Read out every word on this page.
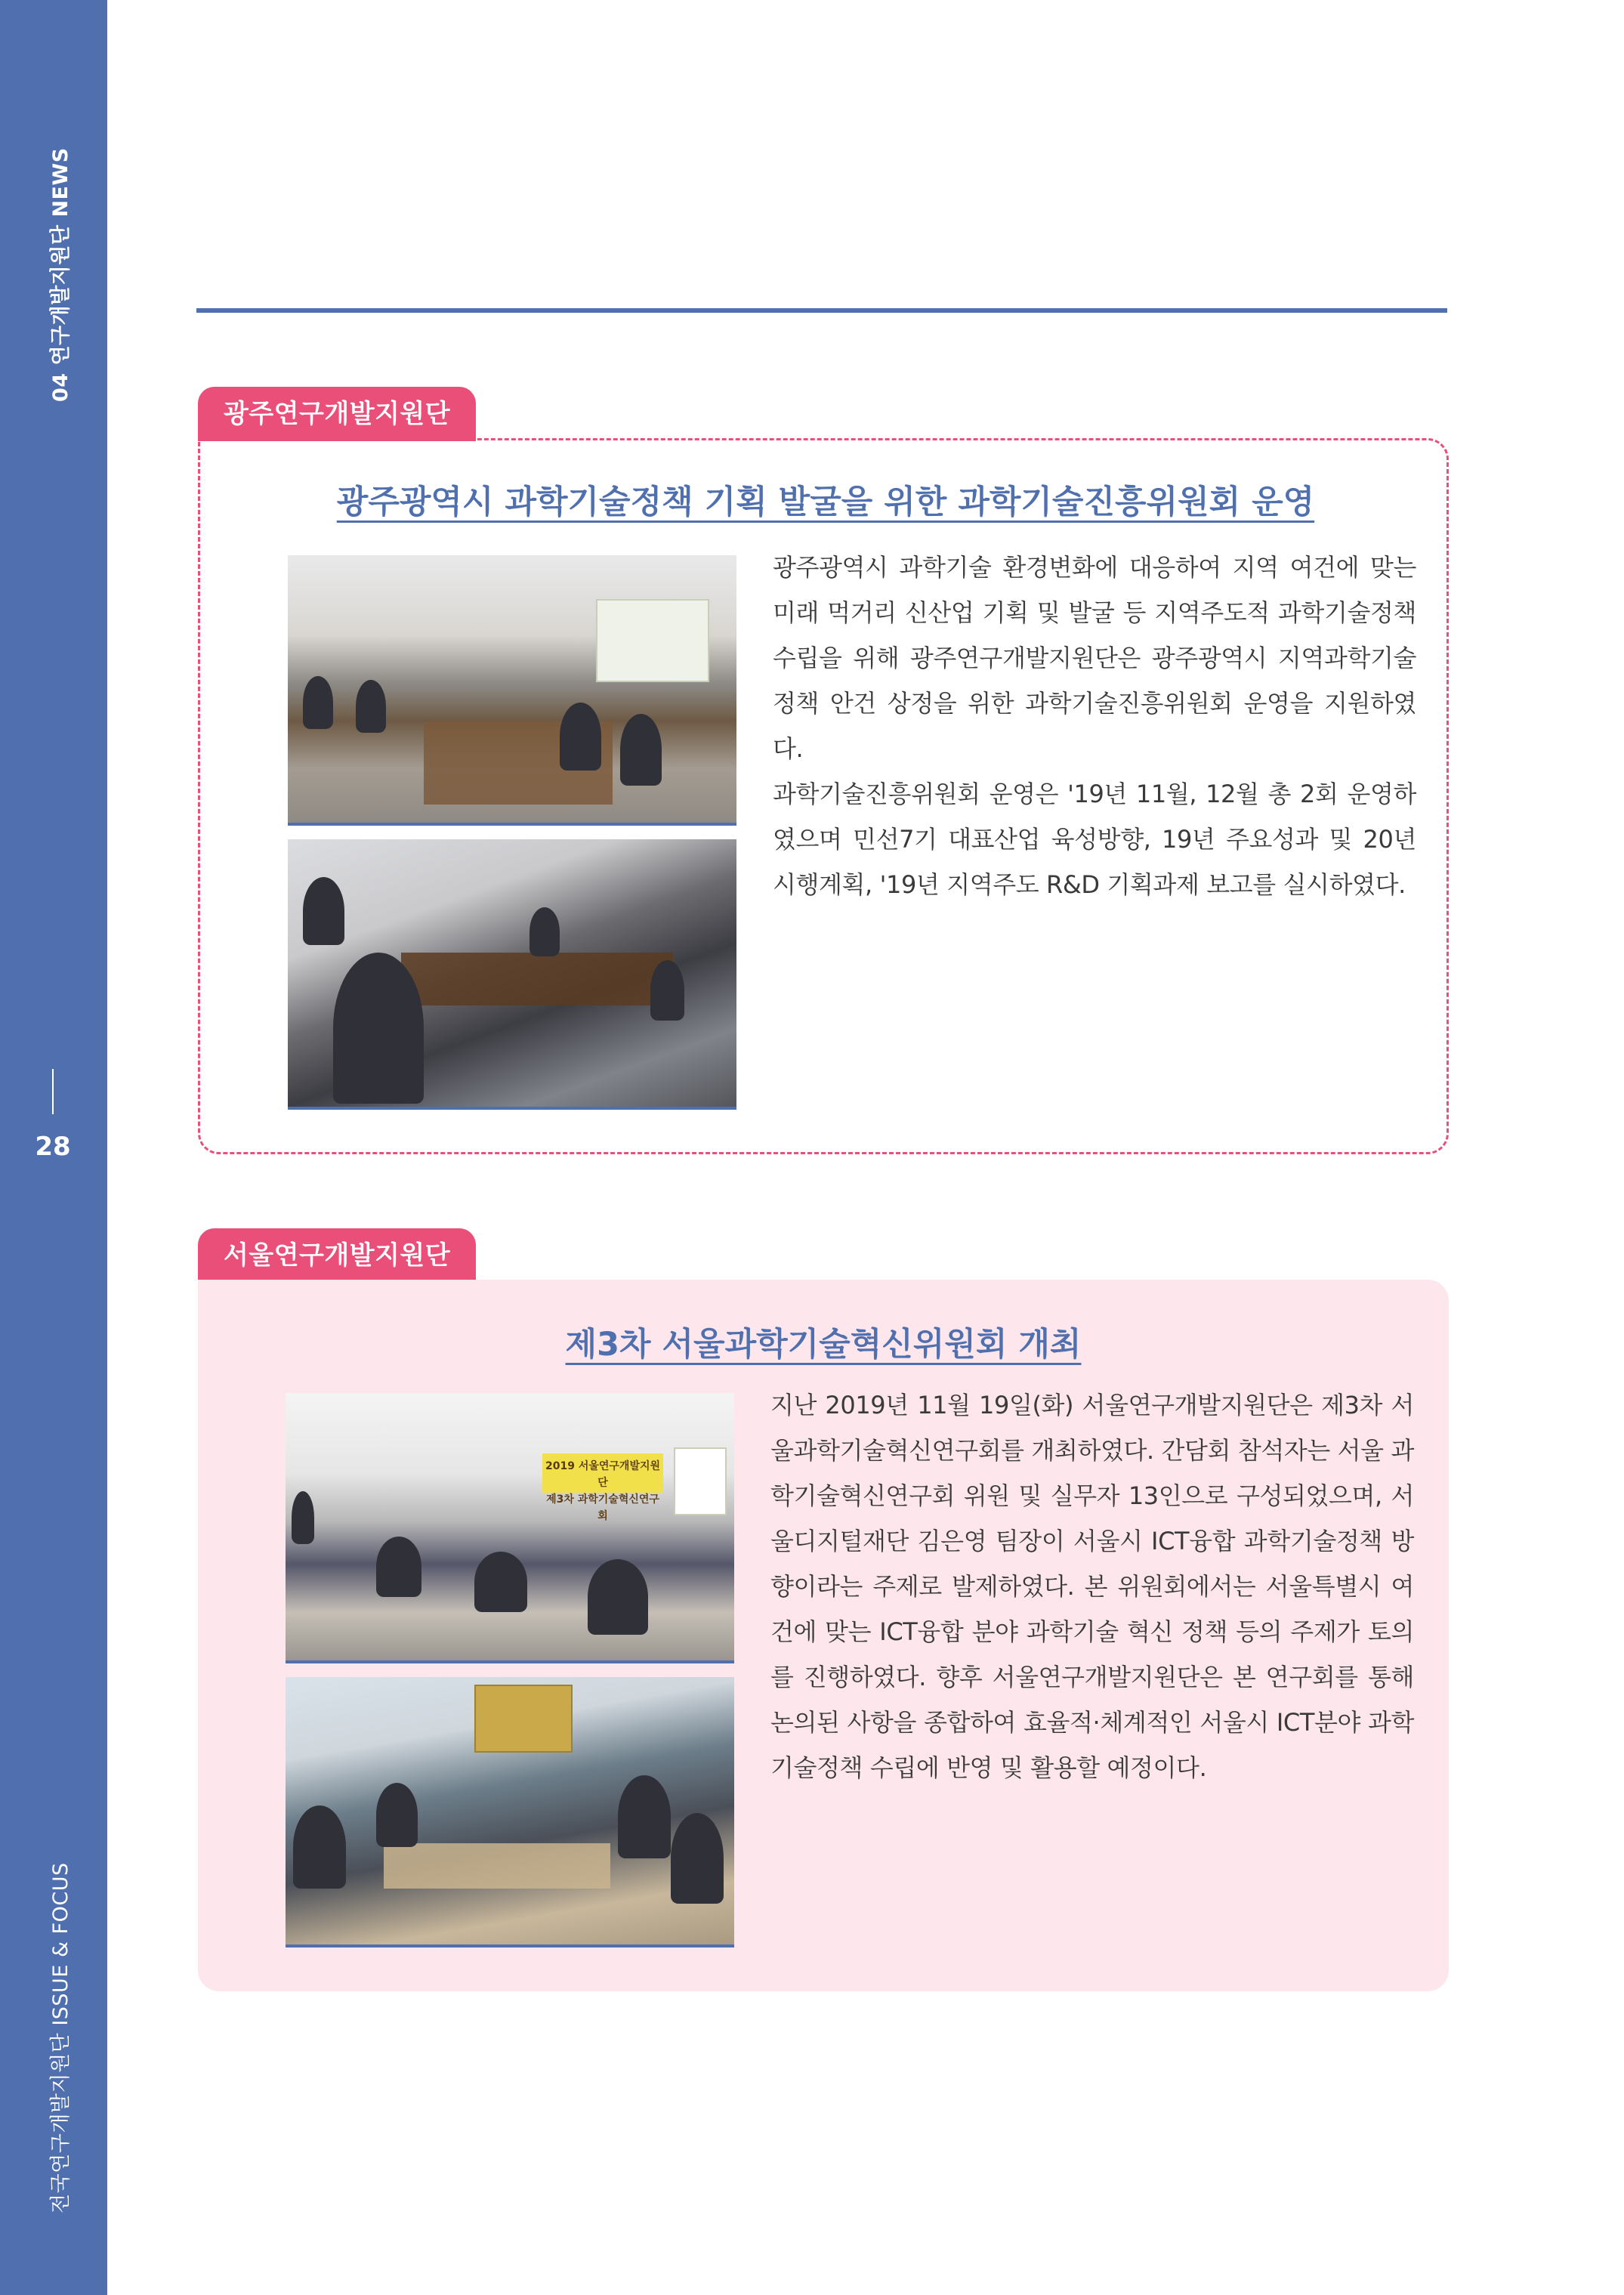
04 연구개발지원단 NEWS
28
전국연구개발지원단 ISSUE & FOCUS
광주연구개발지원단
광주광역시 과학기술정책 기획 발굴을 위한 과학기술진흥위원회 운영

광주광역시 과학기술 환경변화에 대응하여 지역 여건에 맞는 미래 먹거리 신산업 기획 및 발굴 등 지역주도적 과학기술정책 수립을 위해 광주연구개발지원단은 광주광역시 지역과학기술정책 안건 상정을 위한 과학기술진흥위원회 운영을 지원하였다.

과학기술진흥위원회 운영은 '19년 11월, 12월 총 2회 운영하였으며 민선7기 대표산업 육성방향, 19년 주요성과 및 20년 시행계획, '19년 지역주도 R&D 기획과제 보고를 실시하였다.

서울연구개발지원단
제3차 서울과학기술혁신위원회 개최
2019 서울연구개발지원단
제3차 과학기술혁신연구회

지난 2019년 11월 19일(화) 서울연구개발지원단은 제3차 서울과학기술혁신연구회를 개최하였다. 간담회 참석자는 서울 과학기술혁신연구회 위원 및 실무자 13인으로 구성되었으며, 서울디지털재단 김은영 팀장이 서울시 ICT융합 과학기술정책 방향이라는 주제로 발제하였다. 본 위원회에서는 서울특별시 여건에 맞는 ICT융합 분야 과학기술 혁신 정책 등의 주제가 토의를 진행하였다. 향후 서울연구개발지원단은 본 연구회를 통해 논의된 사항을 종합하여 효율적·체계적인 서울시 ICT분야 과학기술정책 수립에 반영 및 활용할 예정이다.
